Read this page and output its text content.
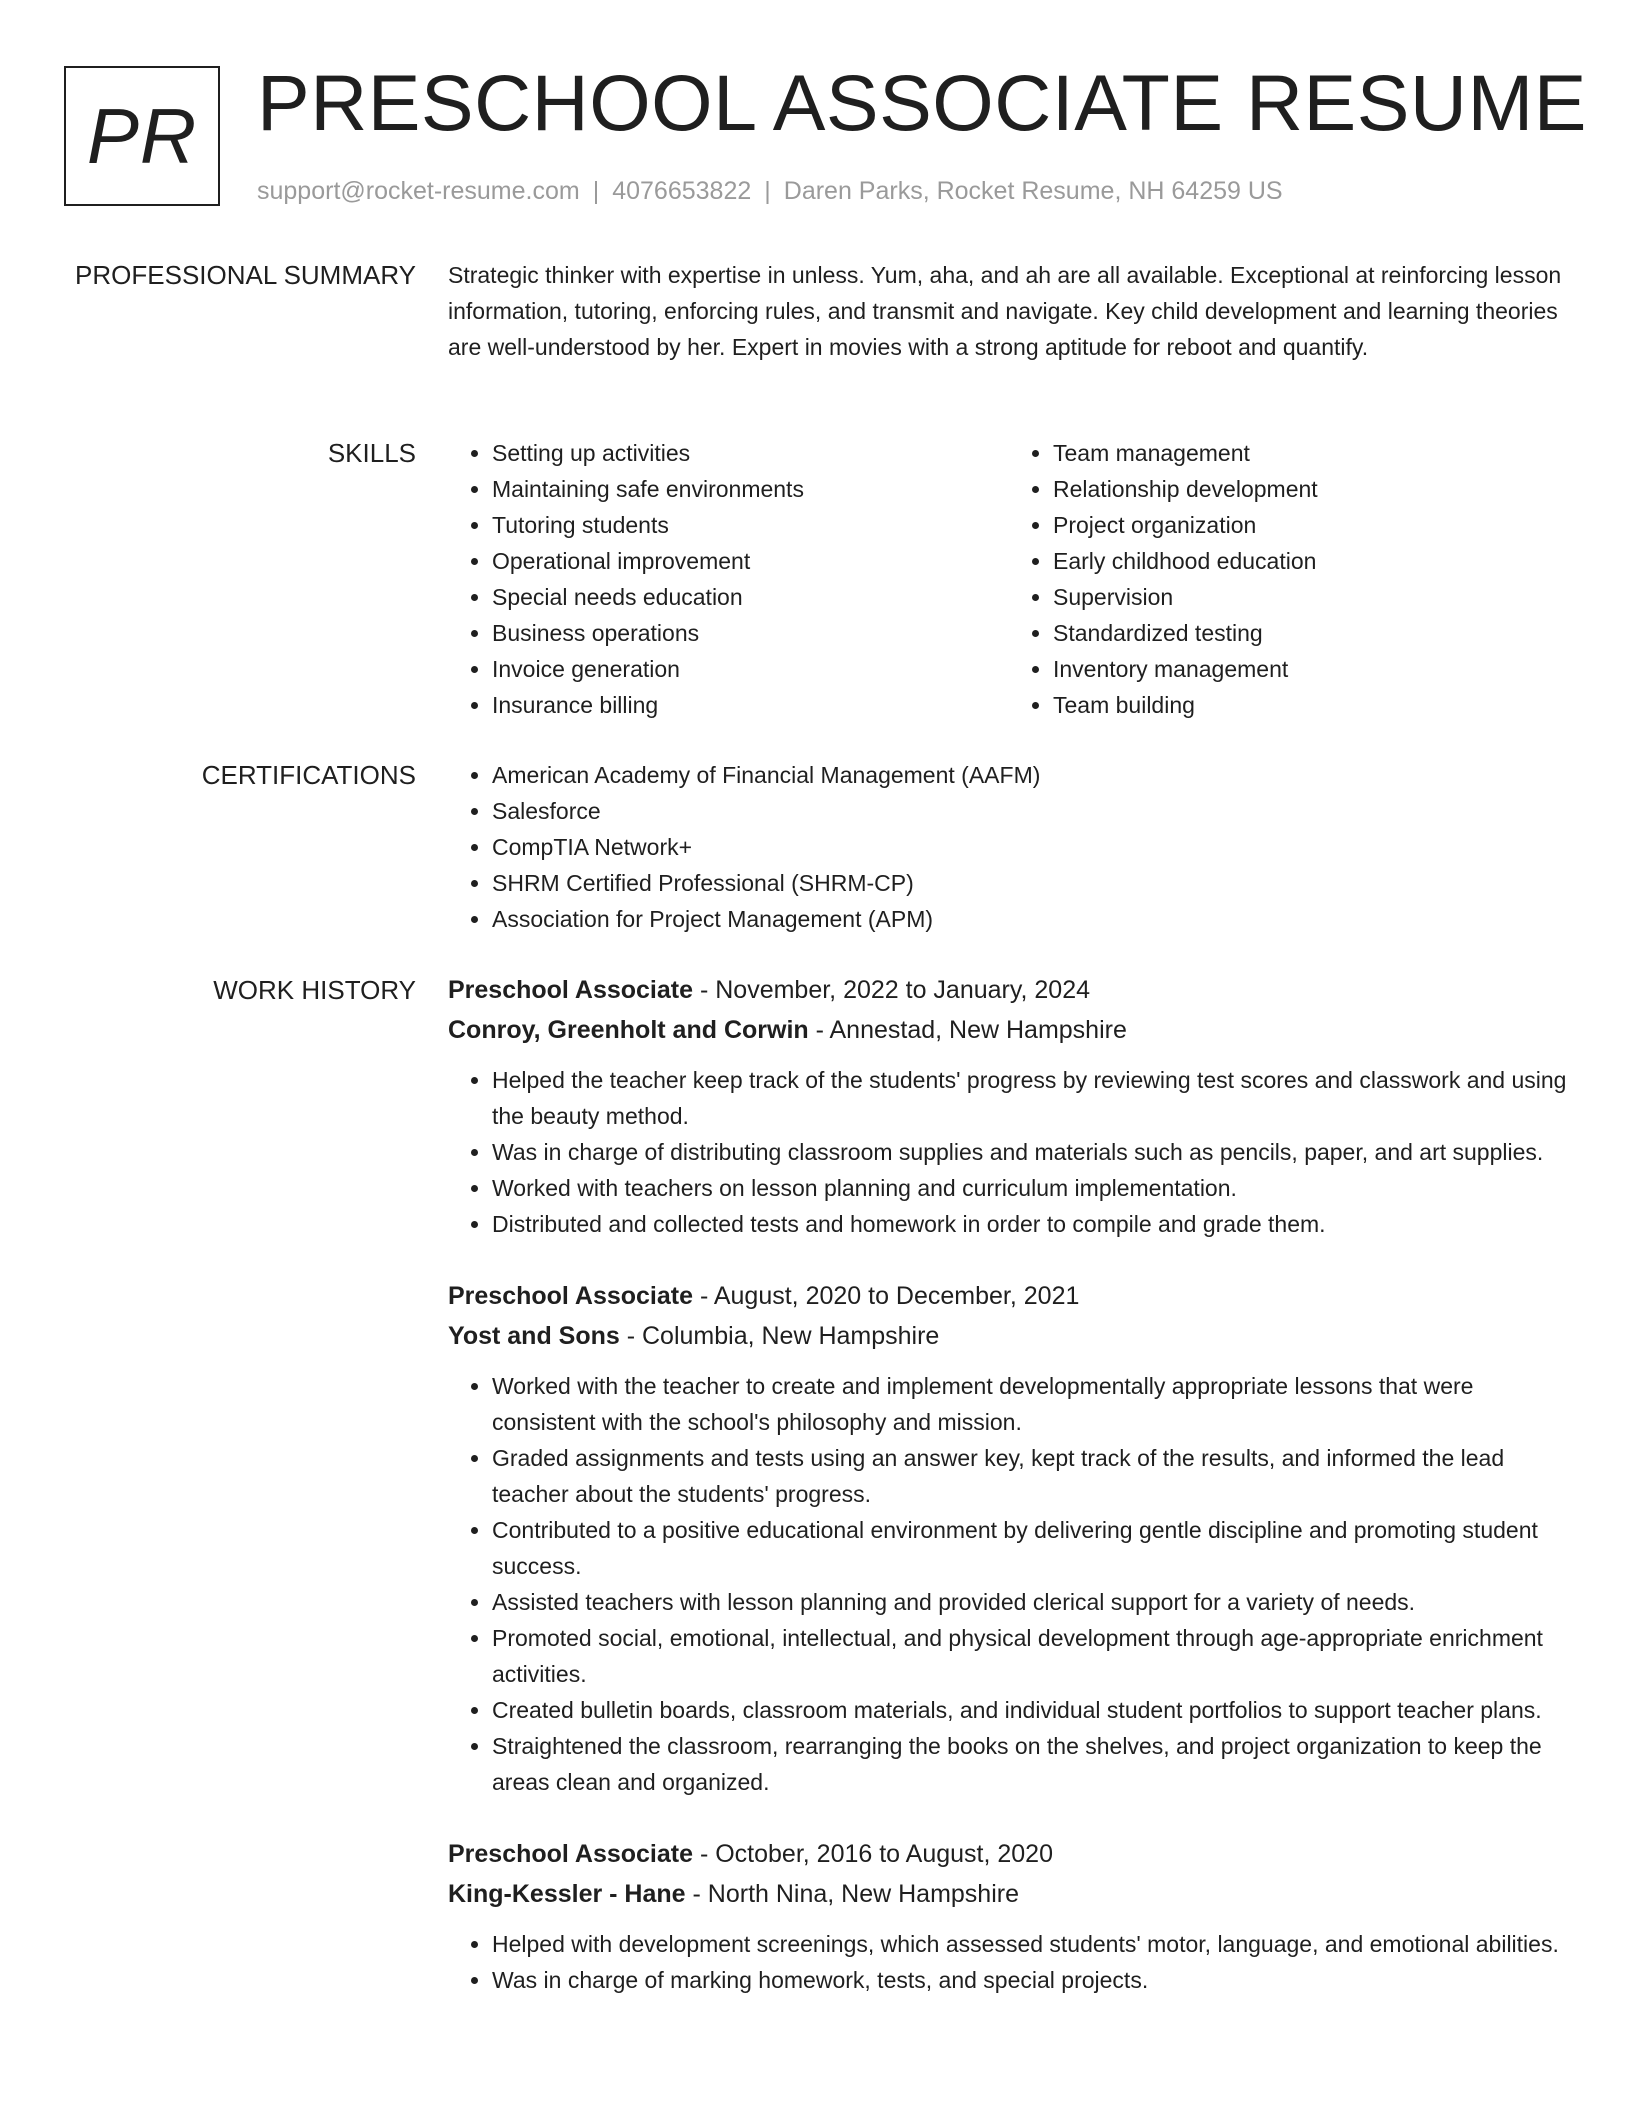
PR PRESCHOOL ASSOCIATE RESUME
support@rocket-resume.com | 4076653822 | Daren Parks, Rocket Resume, NH 64259 US
PROFESSIONAL SUMMARY Strategic thinker with expertise in unless. Yum, aha, and ah are all available. Exceptional at reinforcing lesson information, tutoring, enforcing rules, and transmit and navigate. Key child development and learning theories are well-understood by her. Expert in movies with a strong aptitude for reboot and quantify.

SKILLS	• Setting up activities
• Maintaining safe environments
• Tutoring students
• Operational improvement
• Special needs education
• Business operations
• Invoice generation
• Insurance billing
• Team management
• Relationship development
• Project organization
• Early childhood education
• Supervision
• Standardized testing
• Inventory management
• Team building
CERTIFICATIONS	• American Academy of Financial Management (AAFM)
• Salesforce
• CompTIA Network+
• SHRM Certified Professional (SHRM-CP)
• Association for Project Management (APM)
WORK HISTORY Preschool Associate - November, 2022 to January, 2024
Conroy, Greenholt and Corwin - Annestad, New Hampshire
• Helped the teacher keep track of the students' progress by reviewing test scores and classwork and using the beauty method.
• Was in charge of distributing classroom supplies and materials such as pencils, paper, and art supplies.
• Worked with teachers on lesson planning and curriculum implementation.
• Distributed and collected tests and homework in order to compile and grade them.
Preschool Associate - August, 2020 to December, 2021
Yost and Sons - Columbia, New Hampshire
• Worked with the teacher to create and implement developmentally appropriate lessons that were consistent with the school's philosophy and mission.
• Graded assignments and tests using an answer key, kept track of the results, and informed the lead teacher about the students' progress.
• Contributed to a positive educational environment by delivering gentle discipline and promoting student success.
• Assisted teachers with lesson planning and provided clerical support for a variety of needs.
• Promoted social, emotional, intellectual, and physical development through age-appropriate enrichment activities.
• Created bulletin boards, classroom materials, and individual student portfolios to support teacher plans.
• Straightened the classroom, rearranging the books on the shelves, and project organization to keep the areas clean and organized.
Preschool Associate - October, 2016 to August, 2020
King-Kessler - Hane - North Nina, New Hampshire
• Helped with development screenings, which assessed students' motor, language, and emotional abilities.
• Was in charge of marking homework, tests, and special projects.
